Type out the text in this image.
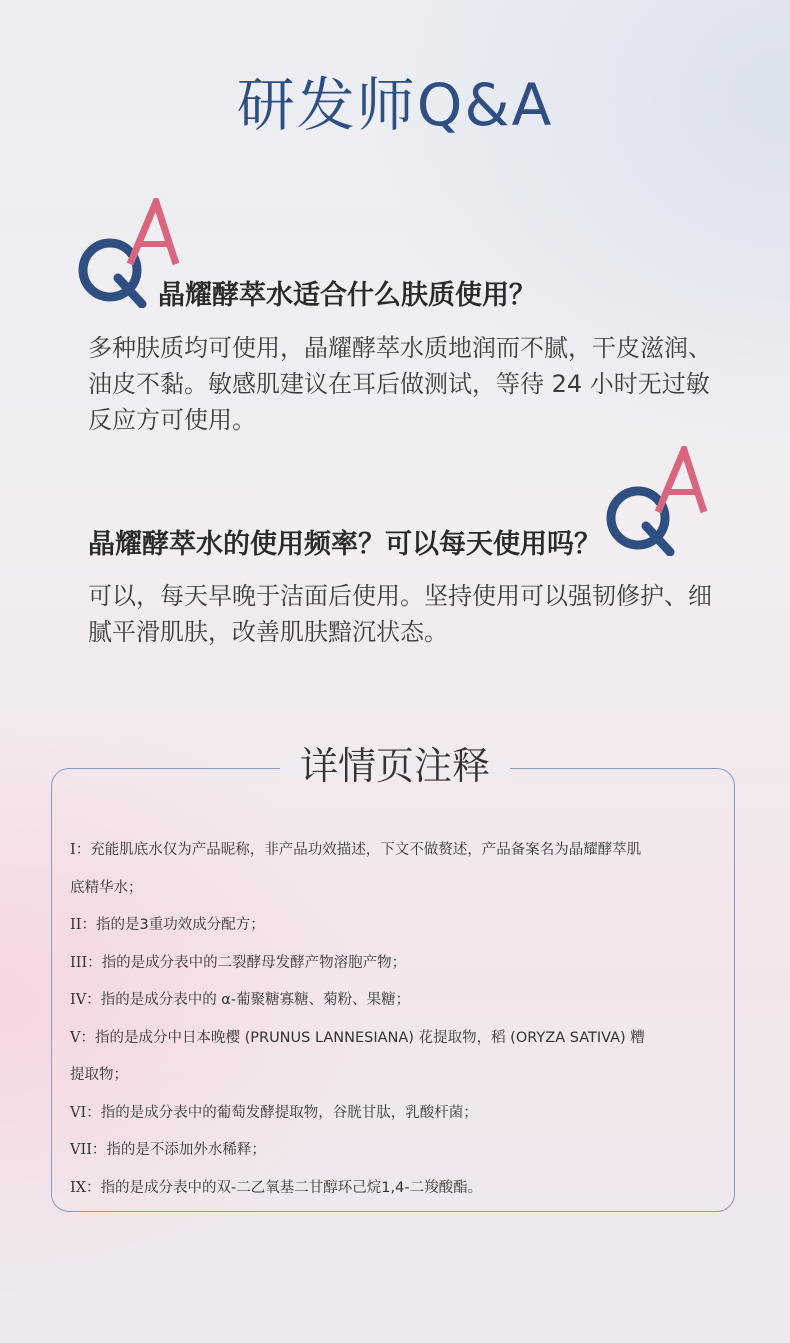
研发师Q&A
晶耀酵萃水适合什么肤质使用？
多种肤质均可使用，晶耀酵萃水质地润而不腻，干皮滋润、
油皮不黏。敏感肌建议在耳后做测试，等待 24 小时无过敏
反应方可使用。
晶耀酵萃水的使用频率？可以每天使用吗？
可以，每天早晚于洁面后使用。坚持使用可以强韧修护、细
腻平滑肌肤，改善肌肤黯沉状态。
详情页注释
I：充能肌底水仅为产品昵称，非产品功效描述，下文不做赘述，产品备案名为晶耀酵萃肌
底精华水；
II：指的是3重功效成分配方；
III：指的是成分表中的二裂酵母发酵产物溶胞产物；
IV：指的是成分表中的 α-葡聚糖寡糖、菊粉、果糖；
V：指的是成分中日本晚樱 (PRUNUS LANNESIANA) 花提取物，稻 (ORYZA SATIVA) 糟
提取物；
VI：指的是成分表中的葡萄发酵提取物，谷胱甘肽，乳酸杆菌；
VII：指的是不添加外水稀释；
IX：指的是成分表中的双-二乙氧基二甘醇环己烷1,4-二羧酸酯。
